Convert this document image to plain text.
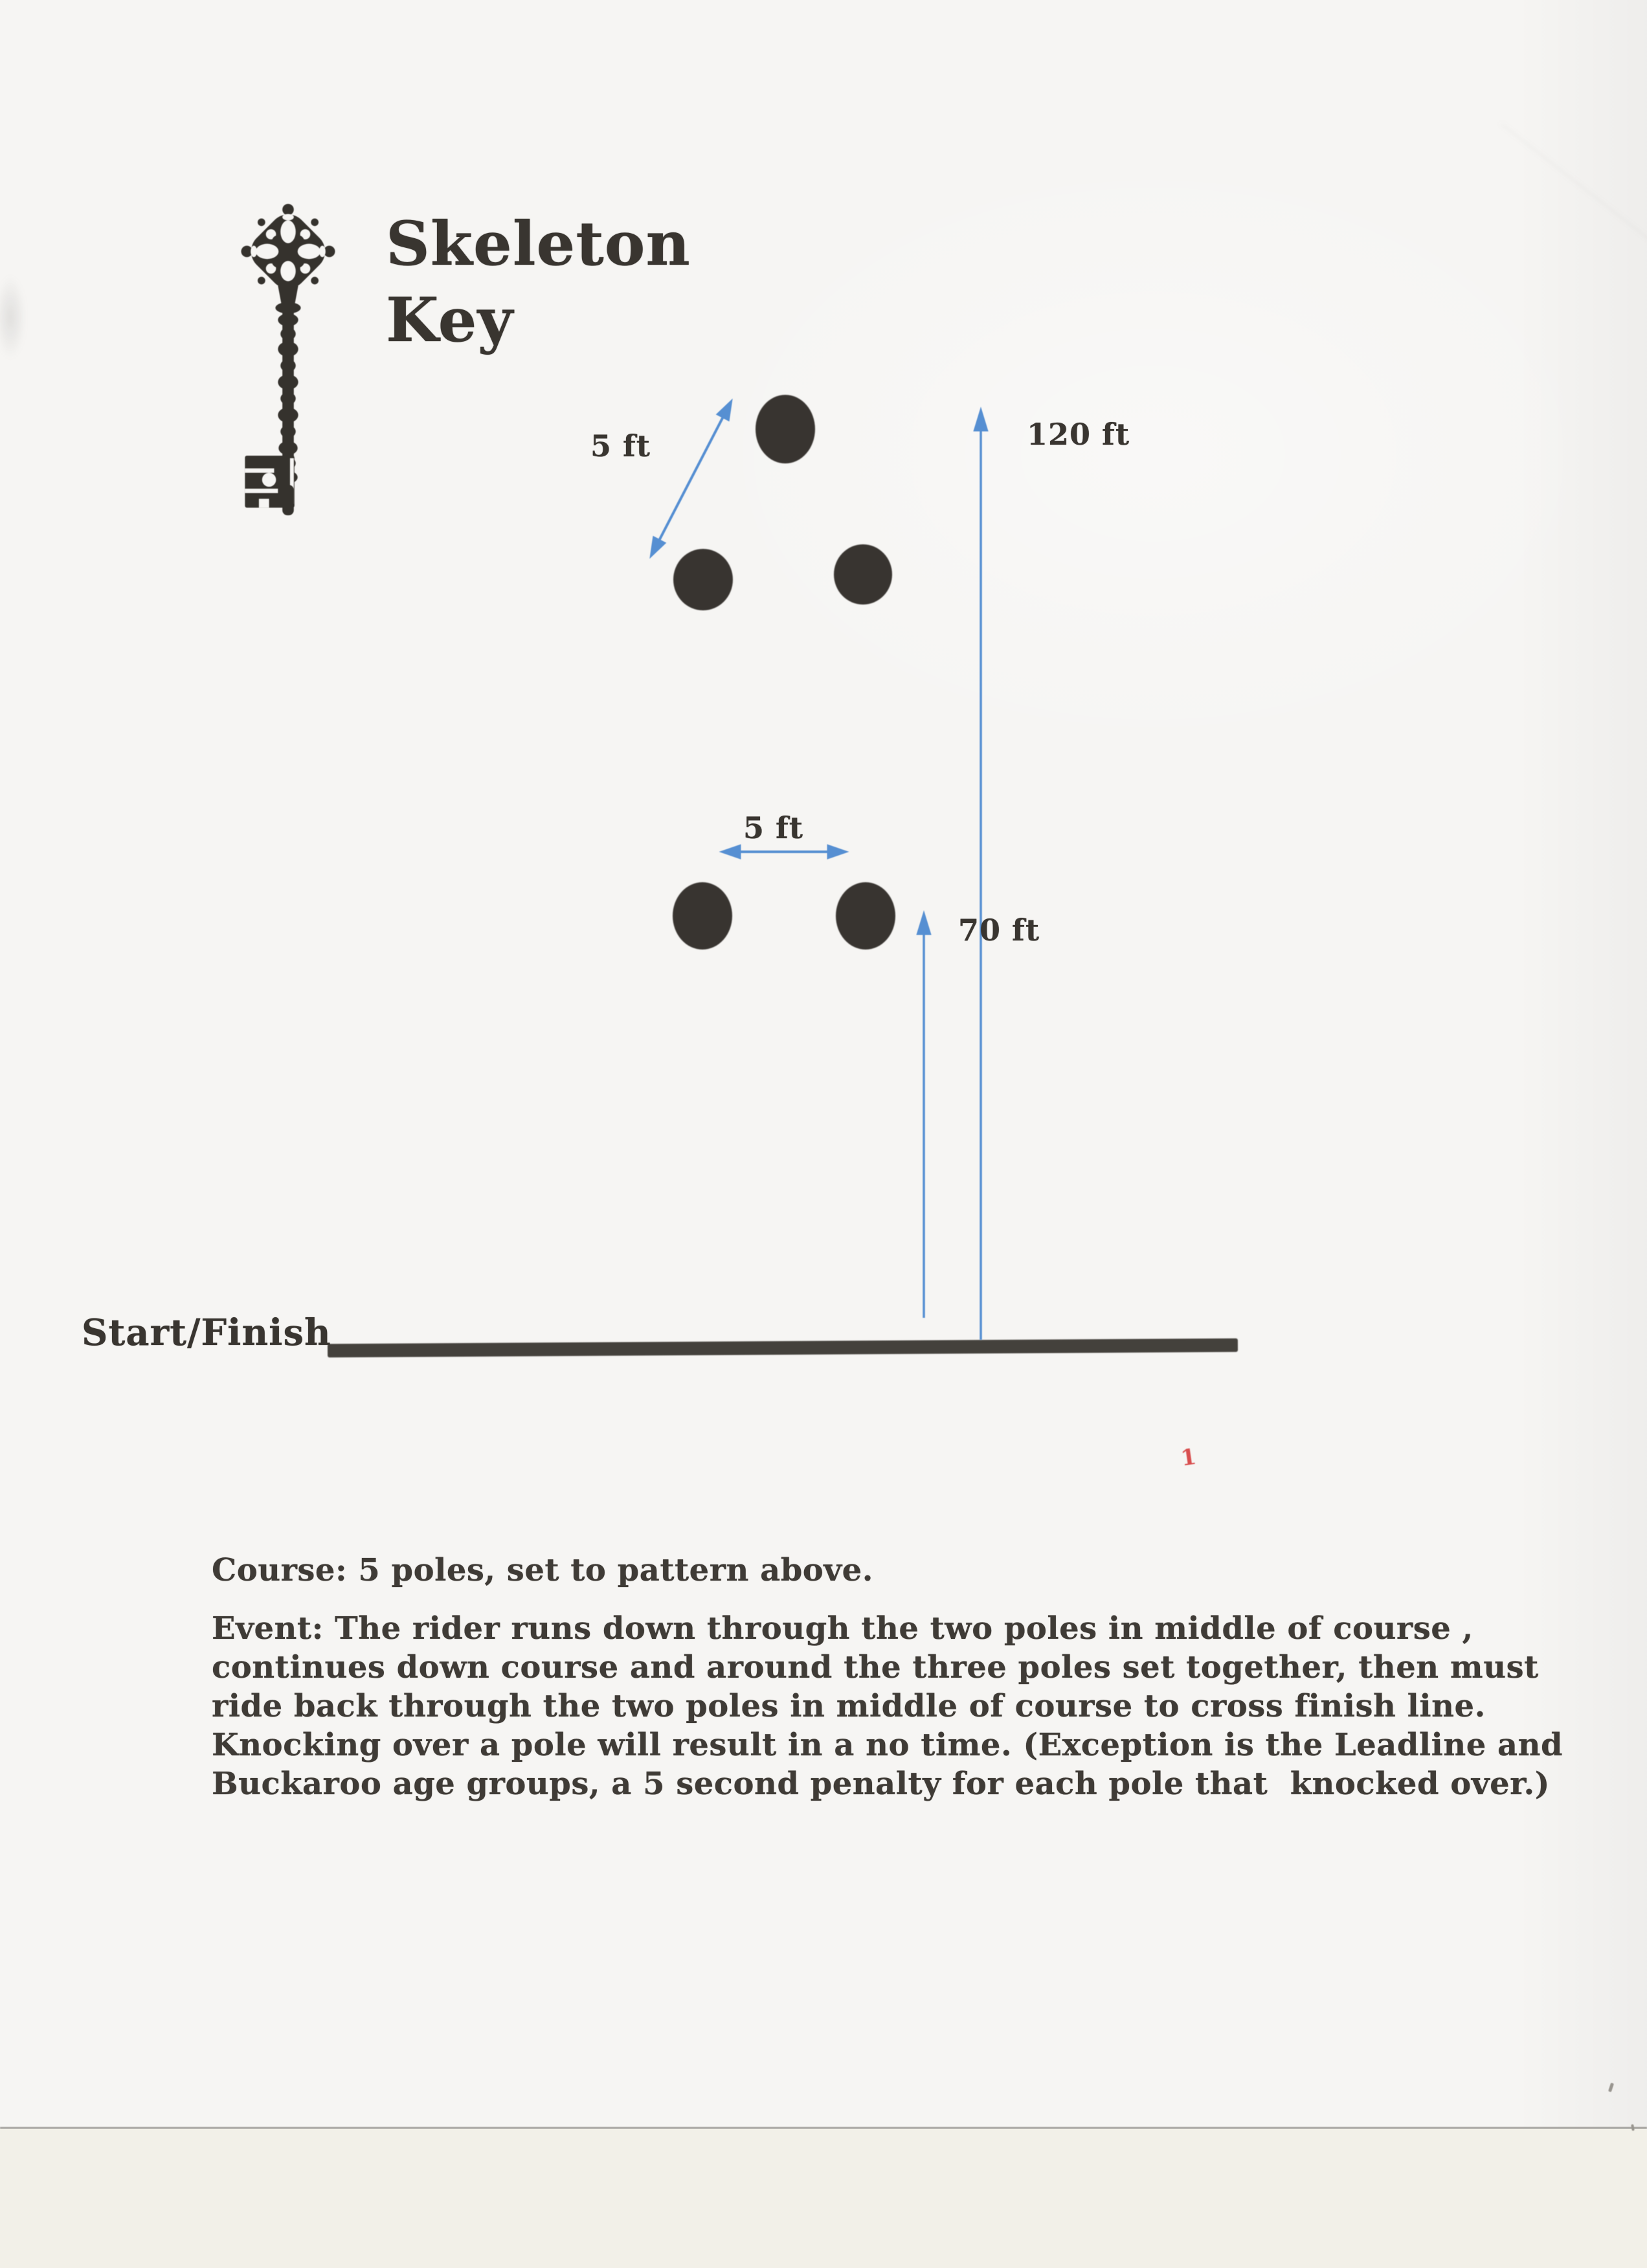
Skeleton
Key
5 ft	120 ft
5 ft
70 ft
Start/Finish
1
Course: 5 poles, set to pattern above.
Event: The rider runs down through the two poles in middle of course ,
continues down course and around the three poles set together, then must
ride back through the two poles in middle of course to cross finish line.
Knocking over a pole will result in a no time. (Exception is the Leadline and
Buckaroo age groups, a 5 second penalty for each pole that  knocked over.)
